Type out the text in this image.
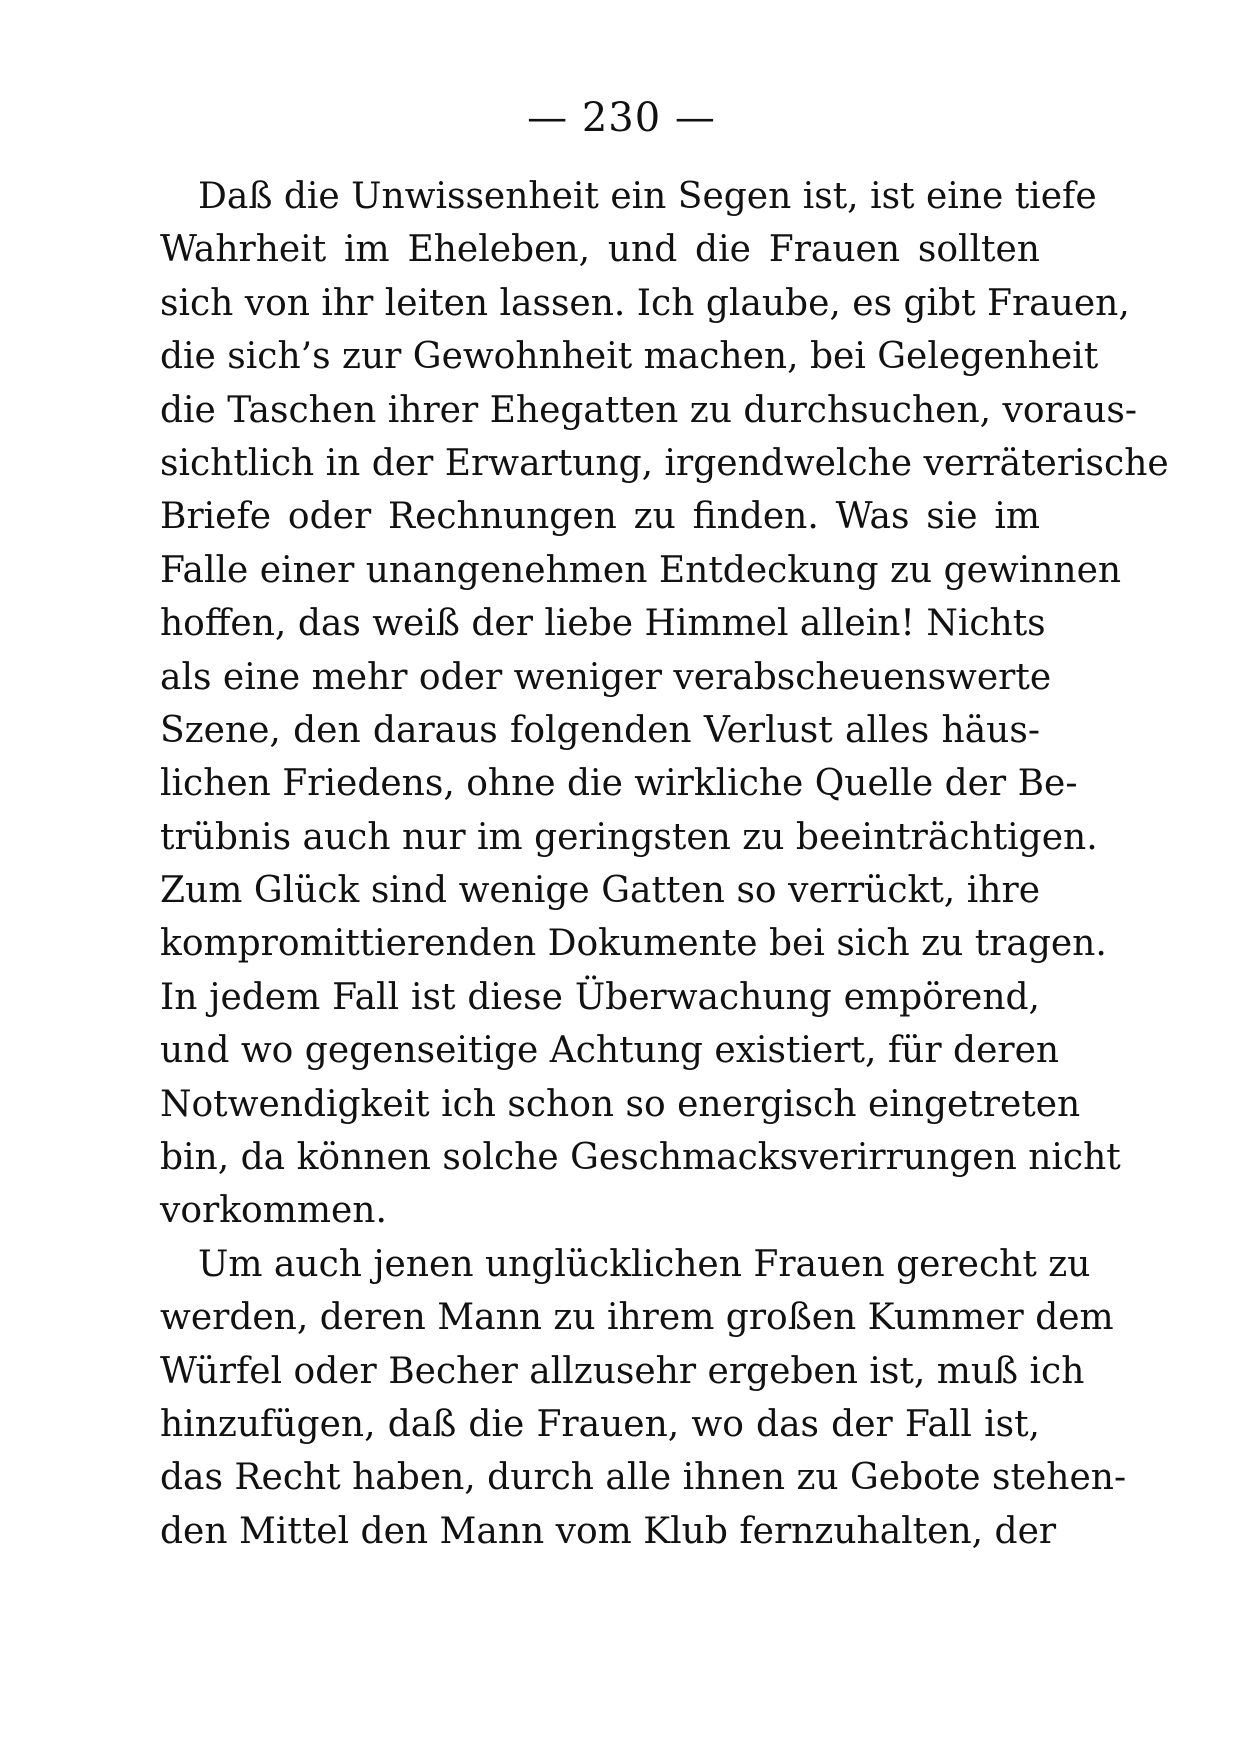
— 230 —
Daß die Unwissenheit ein Segen ist, ist eine tiefe
Wahrheit im Eheleben, und die Frauen sollten
sich von ihr leiten lassen. Ich glaube, es gibt Frauen,
die sich’s zur Gewohnheit machen, bei Gelegenheit
die Taschen ihrer Ehegatten zu durchsuchen, voraus-
sichtlich in der Erwartung, irgendwelche verräterische
Briefe oder Rechnungen zu finden. Was sie im
Falle einer unangenehmen Entdeckung zu gewinnen
hoffen, das weiß der liebe Himmel allein! Nichts
als eine mehr oder weniger verabscheuenswerte
Szene, den daraus folgenden Verlust alles häus-
lichen Friedens, ohne die wirkliche Quelle der Be-
trübnis auch nur im geringsten zu beeinträchtigen.
Zum Glück sind wenige Gatten so verrückt, ihre
kompromittierenden Dokumente bei sich zu tragen.
In jedem Fall ist diese Überwachung empörend,
und wo gegenseitige Achtung existiert, für deren
Notwendigkeit ich schon so energisch eingetreten
bin, da können solche Geschmacksverirrungen nicht
vorkommen.
Um auch jenen unglücklichen Frauen gerecht zu
werden, deren Mann zu ihrem großen Kummer dem
Würfel oder Becher allzusehr ergeben ist, muß ich
hinzufügen, daß die Frauen, wo das der Fall ist,
das Recht haben, durch alle ihnen zu Gebote stehen-
den Mittel den Mann vom Klub fernzuhalten, der
